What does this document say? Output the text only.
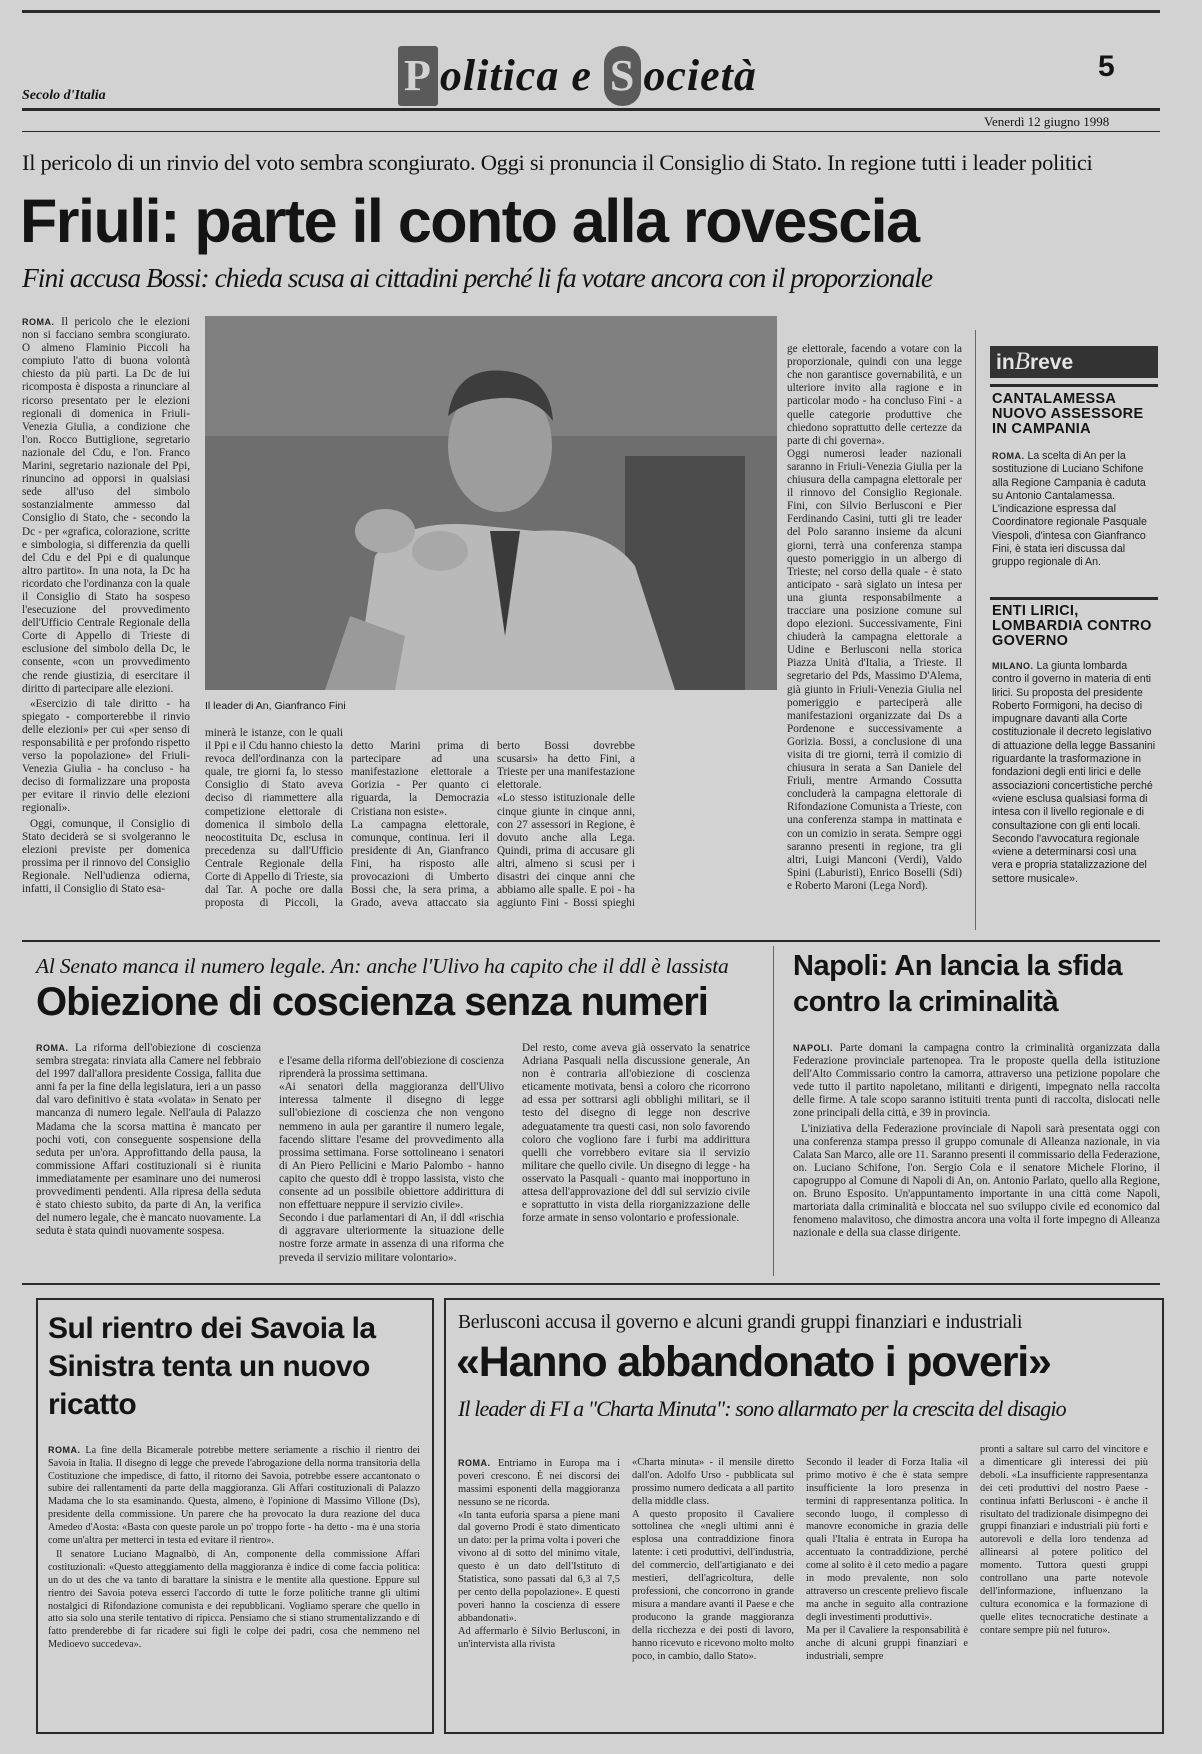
P olitica e S ocietà	5
Secolo d'Italia
Venerdì 12 giugno 1998
Il pericolo di un rinvio del voto sembra scongiurato. Oggi si pronuncia il Consiglio di Stato. In regione tutti i leader politici
Friuli: parte il conto alla rovescia
Fini accusa Bossi: chieda scusa ai cittadini perché li fa votare ancora con il proporzionale

ROMA. Il pericolo che le elezioni non si facciano sembra scongiurato. O almeno Flaminio Piccoli ha compiuto l'atto di buona volontà chiesto da più parti. La Dc de lui ricomposta è disposta a rinunciare al ricorso presentato per le elezioni regionali di domenica in Friuli-Venezia Giulia, a condizione che l'on. Rocco Buttiglione, segretario nazionale del Cdu, e l'on. Franco Marini, segretario nazionale del Ppi, rinuncino ad opporsi in qualsiasi sede all'uso del simbolo sostanzialmente ammesso dal Consiglio di Stato, che - secondo la Dc - per «grafica, colorazione, scritte e simbologia, si differenzia da quelli del Cdu e del Ppi e di qualunque altro partito». In una nota, la Dc ha ricordato che l'ordinanza con la quale il Consiglio di Stato ha sospeso l'esecuzione del provvedimento dell'Ufficio Centrale Regionale della Corte di Appello di Trieste di esclusione del simbolo della Dc, le consente, «con un provvedimento che rende giustizia, di esercitare il diritto di partecipare alle elezioni.

«Esercizio di tale diritto - ha spiegato - comporterebbe il rinvio delle elezioni» per cui «per senso di responsabilità e per profondo rispetto verso la popolazione» del Friuli-Venezia Giulia - ha concluso - ha deciso di formalizzare una proposta per evitare il rinvio delle elezioni regionali».

Oggi, comunque, il Consiglio di Stato deciderà se si svolgeranno le elezioni previste per domenica prossima per il rinnovo del Consiglio Regionale. Nell'udienza odierna, infatti, il Consiglio di Stato esa-

Il leader di An, Gianfranco Fini

minerà le istanze, con le quali il Ppi e il Cdu hanno chiesto la revoca dell'ordinanza con la quale, tre giorni fa, lo stesso Consiglio di Stato aveva deciso di riammettere alla competizione elettorale di domenica il simbolo della neocostituita Dc, esclusa in precedenza su dall'Ufficio Centrale Regionale della Corte di Appello di Trieste, sia dal Tar. A poche ore dalla proposta di Piccoli, la

detto Marini prima di partecipare ad una manifestazione elettorale a Gorizia - Per quanto ci riguarda, la Democrazia Cristiana non esiste».
La campagna elettorale, comunque, continua. Ieri il presidente di An, Gianfranco Fini, ha risposto alle provocazioni di Umberto Bossi che, la sera prima, a Grado, aveva attaccato sia

berto Bossi dovrebbe scusarsi» ha detto Fini, a Trieste per una manifestazione elettorale.
«Lo stesso istituzionale delle cinque giunte in cinque anni, con 27 assessori in Regione, è dovuto anche alla Lega. Quindi, prima di accusare gli altri, almeno si scusi per i disastri dei cinque anni che abbiamo alle spalle. E poi - ha aggiunto Fini - Bossi spieghi

ge elettorale, facendo a votare con la proporzionale, quindi con una legge che non garantisce governabilità, e un ulteriore invito alla ragione e in particolar modo - ha concluso Fini - a quelle categorie produttive che chiedono soprattutto delle certezze da parte di chi governa».
Oggi numerosi leader nazionali saranno in Friuli-Venezia Giulia per la chiusura della campagna elettorale per il rinnovo del Consiglio Regionale. Fini, con Silvio Berlusconi e Pier Ferdinando Casini, tutti gli tre leader del Polo saranno insieme da alcuni giorni, terrà una conferenza stampa questo pomeriggio in un albergo di Trieste; nel corso della quale - è stato anticipato - sarà siglato un intesa per una giunta responsabilmente a tracciare una posizione comune sul dopo elezioni. Successivamente, Fini chiuderà la campagna elettorale a Udine e Berlusconi nella storica Piazza Unità d'Italia, a Trieste. Il segretario del Pds, Massimo D'Alema, già giunto in Friuli-Venezia Giulia nel pomeriggio e parteciperà alle manifestazioni organizzate dai Ds a Pordenone e successivamente a Gorizia. Bossi, a conclusione di una visita di tre giorni, terrà il comizio di chiusura in serata a San Daniele del Friuli, mentre Armando Cossutta concluderà la campagna elettorale di Rifondazione Comunista a Trieste, con una conferenza stampa in mattinata e con un comizio in serata. Sempre oggi saranno presenti in regione, tra gli altri, Luigi Manconi (Verdi), Valdo Spini (Laburisti), Enrico Boselli (Sdi) e Roberto Maroni (Lega Nord).

inBreve
CANTALAMESSA NUOVO ASSESSORE IN CAMPANIA
ROMA. La scelta di An per la sostituzione di Luciano Schifone alla Regione Campania è caduta su Antonio Cantalamessa. L'indicazione espressa dal Coordinatore regionale Pasquale Viespoli, d'intesa con Gianfranco Fini, è stata ieri discussa dal gruppo regionale di An.
ENTI LIRICI, LOMBARDIA CONTRO GOVERNO
MILANO. La giunta lombarda contro il governo in materia di enti lirici. Su proposta del presidente Roberto Formigoni, ha deciso di impugnare davanti alla Corte costituzionale il decreto legislativo di attuazione della legge Bassanini riguardante la trasformazione in fondazioni degli enti lirici e delle associazioni concertistiche perché «viene esclusa qualsiasi forma di intesa con il livello regionale e di consultazione con gli enti locali. Secondo l'avvocatura regionale «viene a determinarsi così una vera e propria statalizzazione del settore musicale».
Al Senato manca il numero legale. An: anche l'Ulivo ha capito che il ddl è lassista
Obiezione di coscienza senza numeri

ROMA. La riforma dell'obiezione di coscienza sembra stregata: rinviata alla Camere nel febbraio del 1997 dall'allora presidente Cossiga, fallita due anni fa per la fine della legislatura, ieri a un passo dal varo definitivo è stata «volata» in Senato per mancanza di numero legale. Nell'aula di Palazzo Madama che la scorsa mattina è mancato per pochi voti, con conseguente sospensione della seduta per un'ora. Approfittando della pausa, la commissione Affari costituzionali si è riunita immediatamente per esaminare uno dei numerosi provvedimenti pendenti. Alla ripresa della seduta è stato chiesto subito, da parte di An, la verifica del numero legale, che è mancato nuovamente. La seduta è stata quindi nuovamente sospesa.

e l'esame della riforma dell'obiezione di coscienza riprenderà la prossima settimana.
«Ai senatori della maggioranza dell'Ulivo interessa talmente il disegno di legge sull'obiezione di coscienza che non vengono nemmeno in aula per garantire il numero legale, facendo slittare l'esame del provvedimento alla prossima settimana. Forse sottolineano i senatori di An Piero Pellicini e Mario Palombo - hanno capito che questo ddl è troppo lassista, visto che consente ad un possibile obiettore addirittura di non effettuare neppure il servizio civile».
Secondo i due parlamentari di An, il ddl «rischia di aggravare ulteriormente la situazione delle nostre forze armate in assenza di una riforma che preveda il servizio militare volontario».

Del resto, come aveva già osservato la senatrice Adriana Pasquali nella discussione generale, An non è contraria all'obiezione di coscienza eticamente motivata, bensì a coloro che ricorrono ad essa per sottrarsi agli obblighi militari, se il testo del disegno di legge non descrive adeguatamente tra questi casi, non solo favorendo coloro che vogliono fare i furbi ma addirittura quelli che vorrebbero evitare sia il servizio militare che quello civile. Un disegno di legge - ha osservato la Pasquali - quanto mai inopportuno in attesa dell'approvazione del ddl sul servizio civile e soprattutto in vista della riorganizzazione delle forze armate in senso volontario e professionale.

Napoli: An lancia la sfida contro la criminalità

NAPOLI. Parte domani la campagna contro la criminalità organizzata dalla Federazione provinciale partenopea. Tra le proposte quella della istituzione dell'Alto Commissario contro la camorra, attraverso una petizione popolare che vede tutto il partito napoletano, militanti e dirigenti, impegnato nella raccolta delle firme. A tale scopo saranno istituiti trenta punti di raccolta, dislocati nelle zone principali della città, e 39 in provincia.

L'iniziativa della Federazione provinciale di Napoli sarà presentata oggi con una conferenza stampa presso il gruppo comunale di Alleanza nazionale, in via Calata San Marco, alle ore 11. Saranno presenti il commissario della Federazione, on. Luciano Schifone, l'on. Sergio Cola e il senatore Michele Florino, il capogruppo al Comune di Napoli di An, on. Antonio Parlato, quello alla Regione, on. Bruno Esposito. Un'appuntamento importante in una città come Napoli, martoriata dalla criminalità e bloccata nel suo sviluppo civile ed economico dal fenomeno malavitoso, che dimostra ancora una volta il forte impegno di Alleanza nazionale e della sua classe dirigente.

Sul rientro dei Savoia la Sinistra tenta un nuovo ricatto

ROMA. La fine della Bicamerale potrebbe mettere seriamente a rischio il rientro dei Savoia in Italia. Il disegno di legge che prevede l'abrogazione della norma transitoria della Costituzione che impedisce, di fatto, il ritorno dei Savoia, potrebbe essere accantonato o subire dei rallentamenti da parte della maggioranza. Gli Affari costituzionali di Palazzo Madama che lo sta esaminando. Questa, almeno, è l'opinione di Massimo Villone (Ds), presidente della commissione. Un parere che ha provocato la dura reazione del duca Amedeo d'Aosta: «Basta con queste parole un po' troppo forte - ha detto - ma è una storia come un'altra per metterci in testa ed evitare il rientro».

Il senatore Luciano Magnalbò, di An, componente della commissione Affari costituzionali: «Questo atteggiamento della maggioranza è indice di come faccia politica: un do ut des che va tanto di barattare la sinistra e le mentite alla questione. Eppure sul rientro dei Savoia poteva esserci l'accordo di tutte le forze politiche tranne gli ultimi nostalgici di Rifondazione comunista e dei repubblicani. Vogliamo sperare che quello in atto sia solo una sterile tentativo di ripicca. Pensiamo che si stiano strumentalizzando e di fatto prenderebbe di far ricadere sui figli le colpe dei padri, cosa che nemmeno nel Medioevo succedeva».

Berlusconi accusa il governo e alcuni grandi gruppi finanziari e industriali
«Hanno abbandonato i poveri»
Il leader di FI a "Charta Minuta": sono allarmato per la crescita del disagio

ROMA. Entriamo in Europa ma i poveri crescono. È nei discorsi dei massimi esponenti della maggioranza nessuno se ne ricorda.
«In tanta euforia sparsa a piene mani dal governo Prodi è stato dimenticato un dato: per la prima volta i poveri che vivono al di sotto del minimo vitale, questo è un dato dell'Istituto di Statistica, sono passati dal 6,3 al 7,5 per cento della popolazione». E questi poveri hanno la coscienza di essere abbandonati».
Ad affermarlo è Silvio Berlusconi, in un'intervista alla rivista

«Charta minuta» - il mensile diretto dall'on. Adolfo Urso - pubblicata sul prossimo numero dedicata a all partito della middle class.
A questo proposito il Cavaliere sottolinea che «negli ultimi anni è esplosa una contraddizione finora latente: i ceti produttivi, dell'industria, del commercio, dell'artigianato e dei mestieri, dell'agricoltura, delle professioni, che concorrono in grande misura a mandare avanti il Paese e che producono la grande maggioranza della ricchezza e dei posti di lavoro, hanno ricevuto e ricevono molto molto poco, in cambio, dallo Stato».

Secondo il leader di Forza Italia «il primo motivo è che è stata sempre insufficiente la loro presenza in termini di rappresentanza politica. In secondo luogo, il complesso di manovre economiche in grazia delle quali l'Italia è entrata in Europa ha accentuato la contraddizione, perché come al solito è il ceto medio a pagare in modo prevalente, non solo attraverso un crescente prelievo fiscale ma anche in seguito alla contrazione degli investimenti produttivi».
Ma per il Cavaliere la responsabilità è anche di alcuni gruppi finanziari e industriali, sempre

pronti a saltare sul carro del vincitore e a dimenticare gli interessi dei più deboli. «La insufficiente rappresentanza dei ceti produttivi del nostro Paese - continua infatti Berlusconi - è anche il risultato del tradizionale disimpegno dei gruppi finanziari e industriali più forti e autorevoli e della loro tendenza ad allinearsi al potere politico del momento. Tuttora questi gruppi controllano una parte notevole dell'informazione, influenzano la cultura economica e la formazione di quelle elites tecnocratiche destinate a contare sempre più nel futuro».
